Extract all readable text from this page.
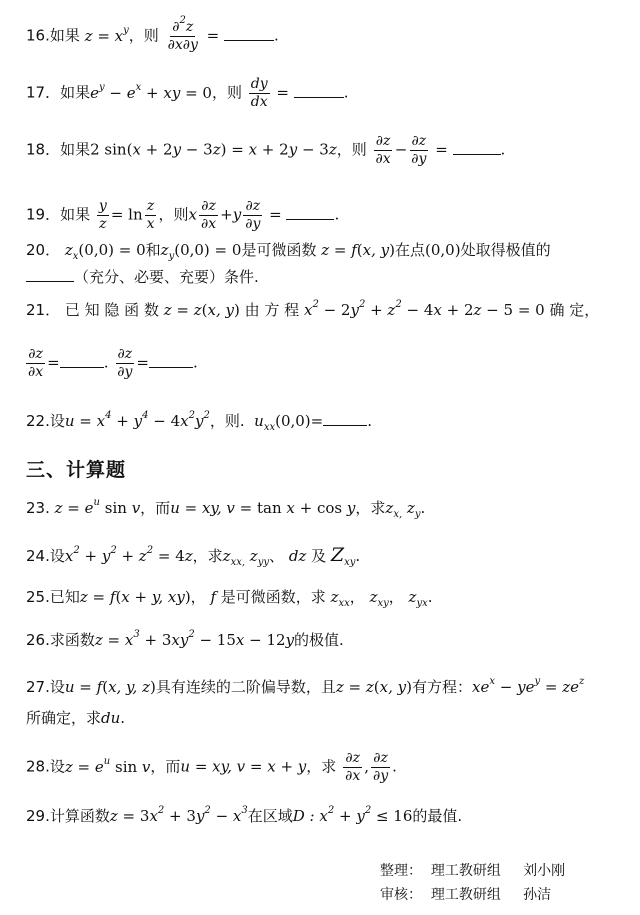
16.如果 $z = x^y$，则 $\frac{\partial^2z}{\partial x\partial y}$ =	.
17．如果$e^y - e^x$ + xy = 0，则 $\frac{dy}{dx}$ =	.
18．如果2 sin(x + 2y − 3z) = x + 2y − 3z，则 $\frac{\partial z}{\partial x} - \frac{\partial z}{\partial y}$ =	.
19．如果 $\frac{y}{z} = \ln \frac{z}{x}$ ，则x $\frac{\partial z}{\partial x} +y \frac{\partial z}{\partial y}$ =	.
20． $z_x(0,0) = 0$和$z_y(0,0) = 0$是可微函数 z = f(x, y)在点(0,0)处取得极值的
（充分、必要、充要）条件.
21． 已 知 隐 函 数 z = z(x, y) 由 方 程 $x^2 - 2y^2 + z^2 - 4x + 2z - 5 = 0$ 确 定，
$\frac{\partial z}{\partial x}$ =	. $\frac{\partial z}{\partial y}$ =	.
22.设$u = x^4 + y^4 - 4x^2y^2$，则. $u_{xx}(0,0)=$	.
三、计算题
23. $z = e^u$ sin v，而u = xy, v = tan x + cos y，求$z_{x,}$ $z_y$.
24.设$x^2 + y^2 + z^2 = 4z$，求$z_{xx,}$ $z_{yy}$、 dz 及 $Z_{xy}$.
25.已知z = f(x + y, xy)， f 是可微函数，求 $z_{xx}$， $z_{xy}$， $z_{yx}$.
26.求函数$z = x^3 + 3xy^2 - 15x - 12y$的极值.
27.设u = f(x, y, z)具有连续的二阶偏导数，且z = z(x, y)有方程：$xe^x - ye^y = ze^z$
所确定，求du.
28.设$z = e^u$ sin v，而u = xy, v = x + y，求 $\frac{\partial z}{\partial x}$ , $\frac{\partial z}{\partial y}$ .
29.计算函数$z = 3x^2 + 3y^2 - x^3$在区域D : $x^2 + y^2 \le 16$的最值.
整理： 理工教研组 刘小刚
审核： 理工教研组 孙洁
